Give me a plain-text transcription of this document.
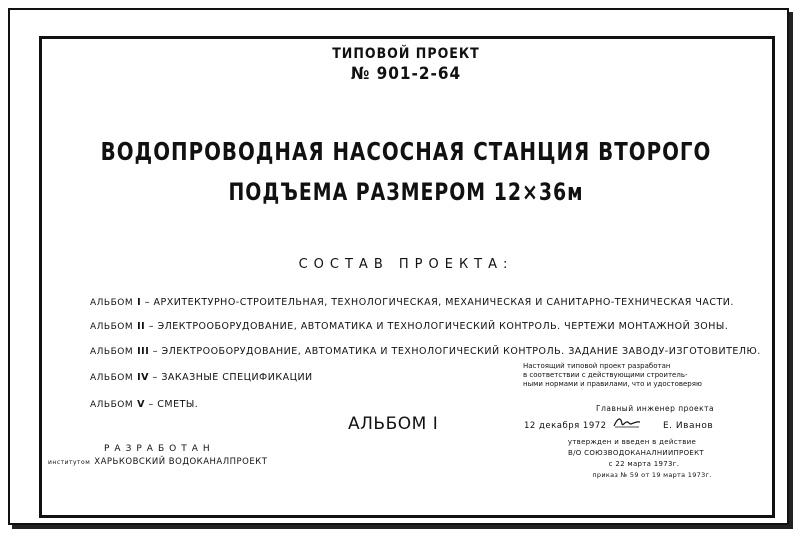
ТИПОВОЙ ПРОЕКТ
№ 901-2-64
ВОДОПРОВОДНАЯ НАСОСНАЯ СТАНЦИЯ ВТОРОГО
ПОДЪЕМА РАЗМЕРОМ 12×36м
СОСТАВ ПРОЕКТА:
АЛЬБОМ I – АРХИТЕКТУРНО-СТРОИТЕЛЬНАЯ, ТЕХНОЛОГИЧЕСКАЯ, МЕХАНИЧЕСКАЯ И САНИТАРНО-ТЕХНИЧЕСКАЯ ЧАСТИ.
АЛЬБОМ II – ЭЛЕКТРООБОРУДОВАНИЕ, АВТОМАТИКА И ТЕХНОЛОГИЧЕСКИЙ КОНТРОЛЬ. ЧЕРТЕЖИ МОНТАЖНОЙ ЗОНЫ.
АЛЬБОМ III – ЭЛЕКТРООБОРУДОВАНИЕ, АВТОМАТИКА И ТЕХНОЛОГИЧЕСКИЙ КОНТРОЛЬ. ЗАДАНИЕ ЗАВОДУ-ИЗГОТОВИТЕЛЮ.
АЛЬБОМ IV – ЗАКАЗНЫЕ СПЕЦИФИКАЦИИ
АЛЬБОМ V – СМЕТЫ.
Настоящий типовой проект разработан
в соответствии с действующими строитель-
ными нормами и правилами, что и удостоверяю
Главный инженер проекта
12 декабря 1972	Е. Иванов
АЛЬБОМ I
РАЗРАБОТАН
институтом ХАРЬКОВСКИЙ ВОДОКАНАЛПРОЕКТ
утвержден и введен в действие
В/О СОЮЗВОДОКАНАЛНИИПРОЕКТ
с 22 марта 1973г.
приказ № 59 от 19 марта 1973г.
